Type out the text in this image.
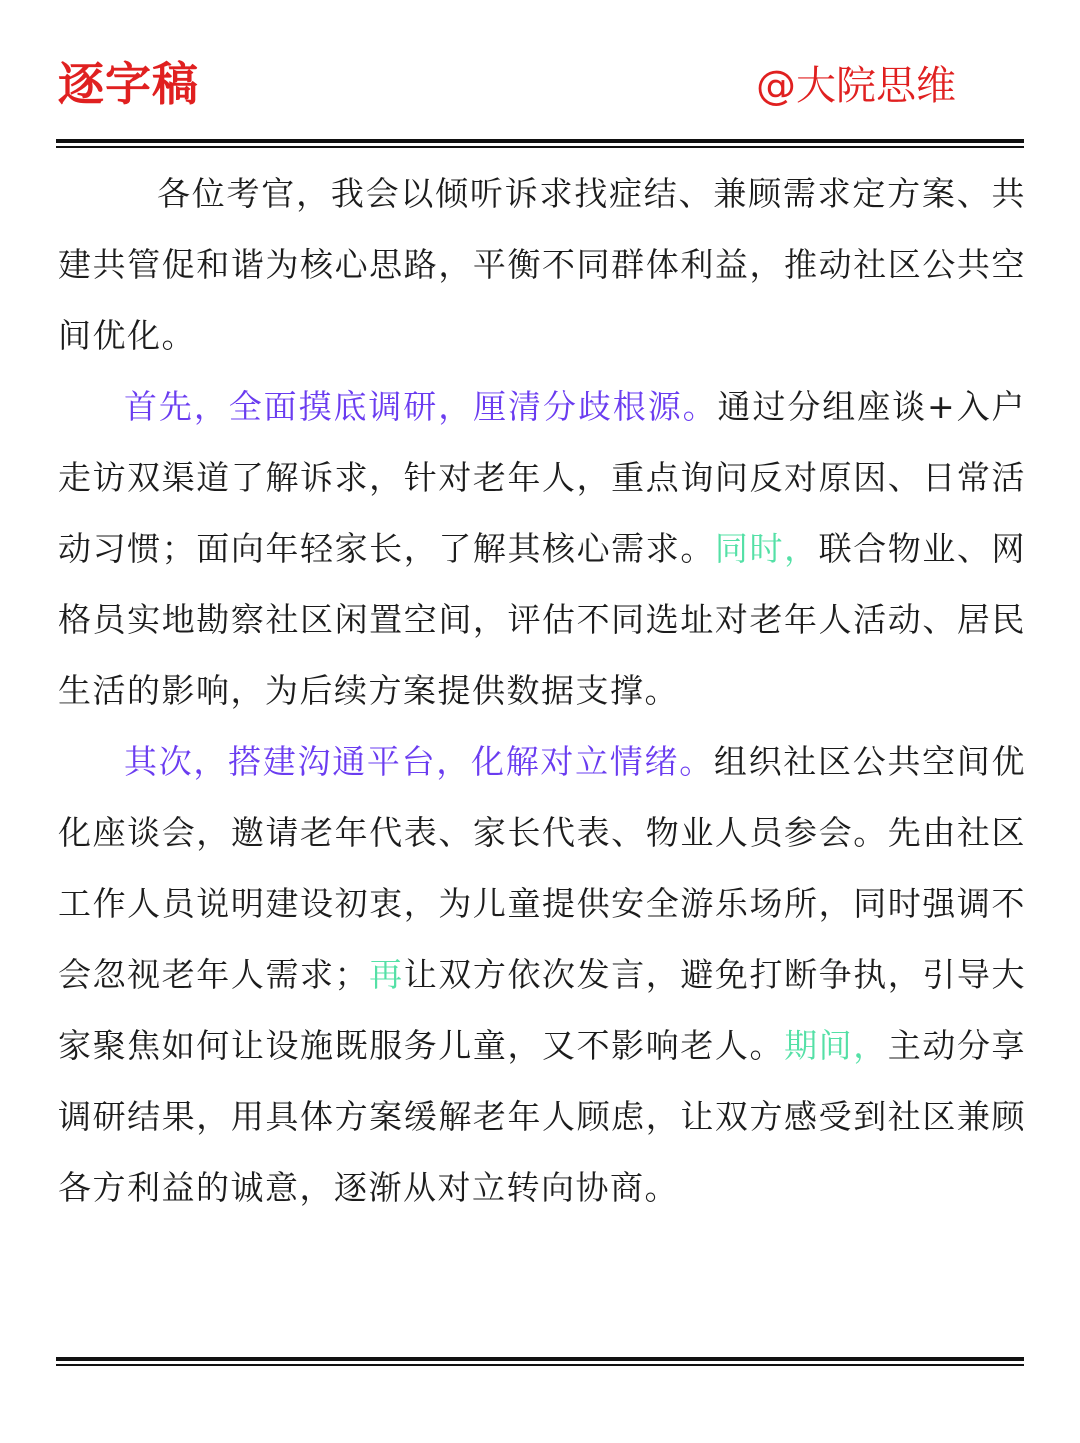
逐字稿	@大院思维

各位考官，我会以倾听诉求找症结、兼顾需求定方案、共建共管促和谐为核心思路，平衡不同群体利益，推动社区公共空间优化。

首先，全面摸底调研，厘清分歧根源。通过分组座谈+入户走访双渠道了解诉求，针对老年人，重点询问反对原因、日常活动习惯；面向年轻家长，了解其核心需求。同时，联合物业、网格员实地勘察社区闲置空间，评估不同选址对老年人活动、居民生活的影响，为后续方案提供数据支撑。

其次，搭建沟通平台，化解对立情绪。组织社区公共空间优化座谈会，邀请老年代表、家长代表、物业人员参会。先由社区工作人员说明建设初衷，为儿童提供安全游乐场所，同时强调不会忽视老年人需求；再让双方依次发言，避免打断争执，引导大家聚焦如何让设施既服务儿童，又不影响老人。期间，主动分享调研结果，用具体方案缓解老年人顾虑，让双方感受到社区兼顾各方利益的诚意，逐渐从对立转向协商。
